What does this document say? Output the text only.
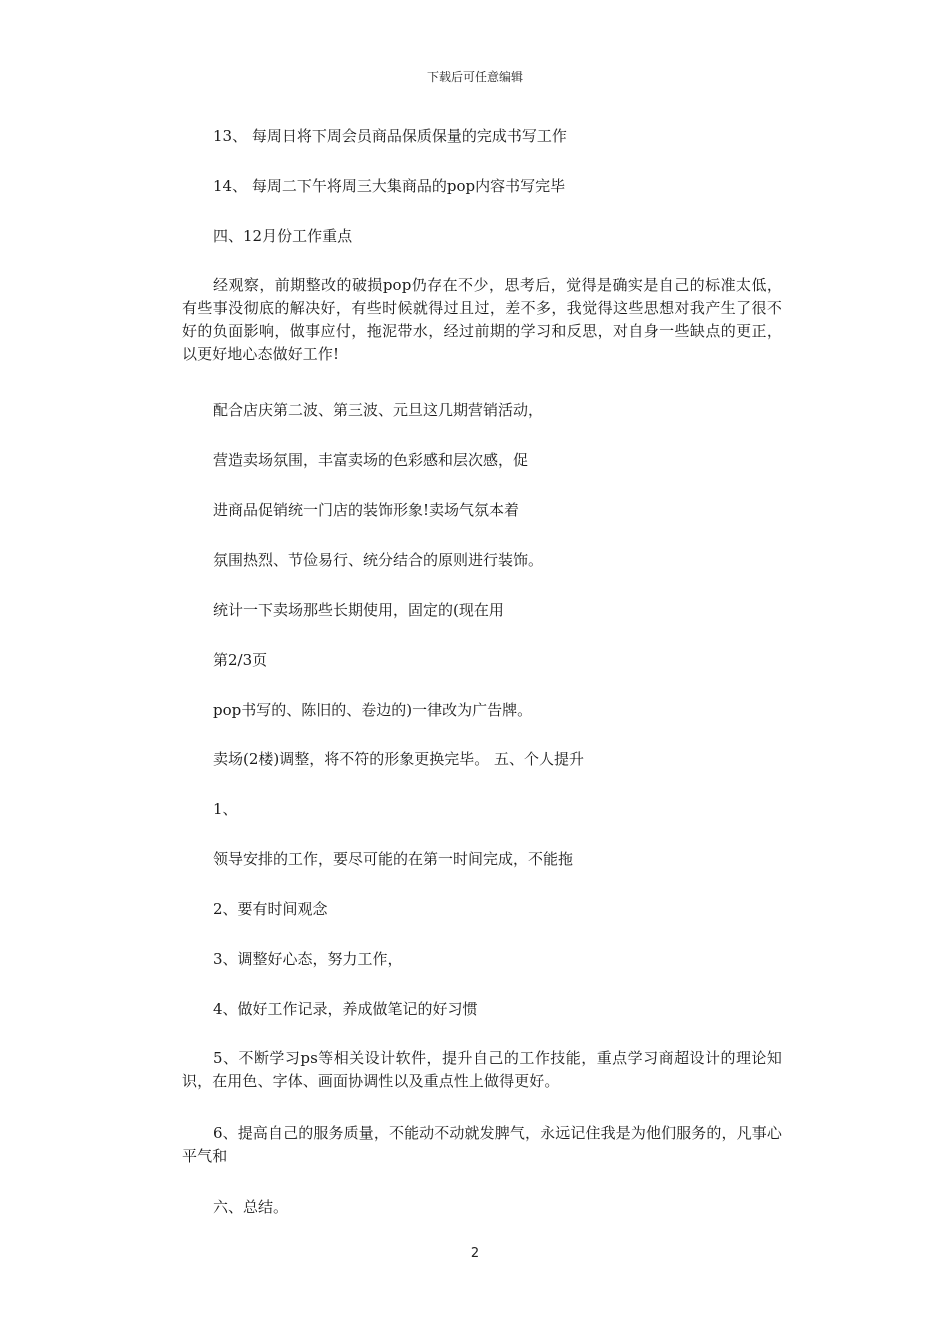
下载后可任意编辑

13、 每周日将下周会员商品保质保量的完成书写工作

14、 每周二下午将周三大集商品的pop内容书写完毕

四、12月份工作重点

经观察，前期整改的破损pop仍存在不少，思考后，觉得是确实是自己的标准太低，有些事没彻底的解决好，有些时候就得过且过，差不多，我觉得这些思想对我产生了很不好的负面影响，做事应付，拖泥带水，经过前期的学习和反思，对自身一些缺点的更正，以更好地心态做好工作!

配合店庆第二波、第三波、元旦这几期营销活动，

营造卖场氛围，丰富卖场的色彩感和层次感，促

进商品促销统一门店的装饰形象!卖场气氛本着

氛围热烈、节俭易行、统分结合的原则进行装饰。

统计一下卖场那些长期使用，固定的(现在用

第2/3页

pop书写的、陈旧的、卷边的)一律改为广告牌。

卖场(2楼)调整，将不符的形象更换完毕。 五、个人提升

1、

领导安排的工作，要尽可能的在第一时间完成，不能拖

2、要有时间观念

3、调整好心态，努力工作，

4、做好工作记录，养成做笔记的好习惯

5、不断学习ps等相关设计软件，提升自己的工作技能，重点学习商超设计的理论知识，在用色、字体、画面协调性以及重点性上做得更好。

6、提高自己的服务质量，不能动不动就发脾气，永远记住我是为他们服务的，凡事心平气和

六、总结。

2
